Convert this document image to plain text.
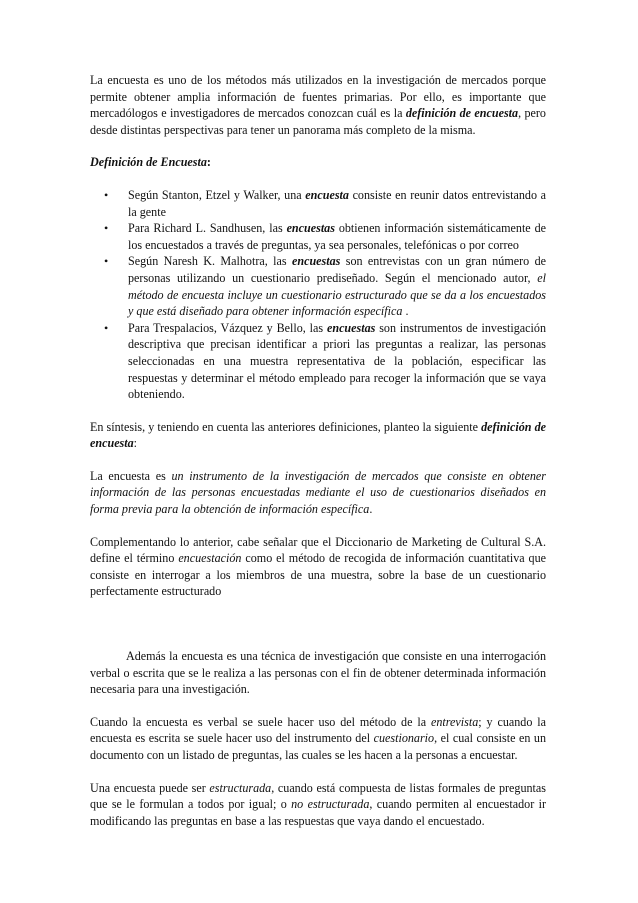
La encuesta es uno de los métodos más utilizados en la investigación de mercados porque permite obtener amplia información de fuentes primarias. Por ello, es importante que mercadólogos e investigadores de mercados conozcan cuál es la definición de encuesta, pero desde distintas perspectivas para tener un panorama más completo de la misma.

Definición de Encuesta:

• Según Stanton, Etzel y Walker, una encuesta consiste en reunir datos entrevistando a la gente
• Para Richard L. Sandhusen, las encuestas obtienen información sistemáticamente de los encuestados a través de preguntas, ya sea personales, telefónicas o por correo
• Según Naresh K. Malhotra, las encuestas son entrevistas con un gran número de personas utilizando un cuestionario prediseñado. Según el mencionado autor, el método de encuesta incluye un cuestionario estructurado que se da a los encuestados y que está diseñado para obtener información específica .
• Para Trespalacios, Vázquez y Bello, las encuestas son instrumentos de investigación descriptiva que precisan identificar a priori las preguntas a realizar, las personas seleccionadas en una muestra representativa de la población, especificar las respuestas y determinar el método empleado para recoger la información que se vaya obteniendo.

En síntesis, y teniendo en cuenta las anteriores definiciones, planteo la siguiente definición de encuesta:

La encuesta es un instrumento de la investigación de mercados que consiste en obtener información de las personas encuestadas mediante el uso de cuestionarios diseñados en forma previa para la obtención de información específica.

Complementando lo anterior, cabe señalar que el Diccionario de Marketing de Cultural S.A. define el término encuestación como el método de recogida de información cuantitativa que consiste en interrogar a los miembros de una muestra, sobre la base de un cuestionario perfectamente estructurado

Además la encuesta es una técnica de investigación que consiste en una interrogación verbal o escrita que se le realiza a las personas con el fin de obtener determinada información necesaria para una investigación.

Cuando la encuesta es verbal se suele hacer uso del método de la entrevista; y cuando la encuesta es escrita se suele hacer uso del instrumento del cuestionario, el cual consiste en un documento con un listado de preguntas, las cuales se les hacen a la personas a encuestar.

Una encuesta puede ser estructurada, cuando está compuesta de listas formales de preguntas que se le formulan a todos por igual; o no estructurada, cuando permiten al encuestador ir modificando las preguntas en base a las respuestas que vaya dando el encuestado.
